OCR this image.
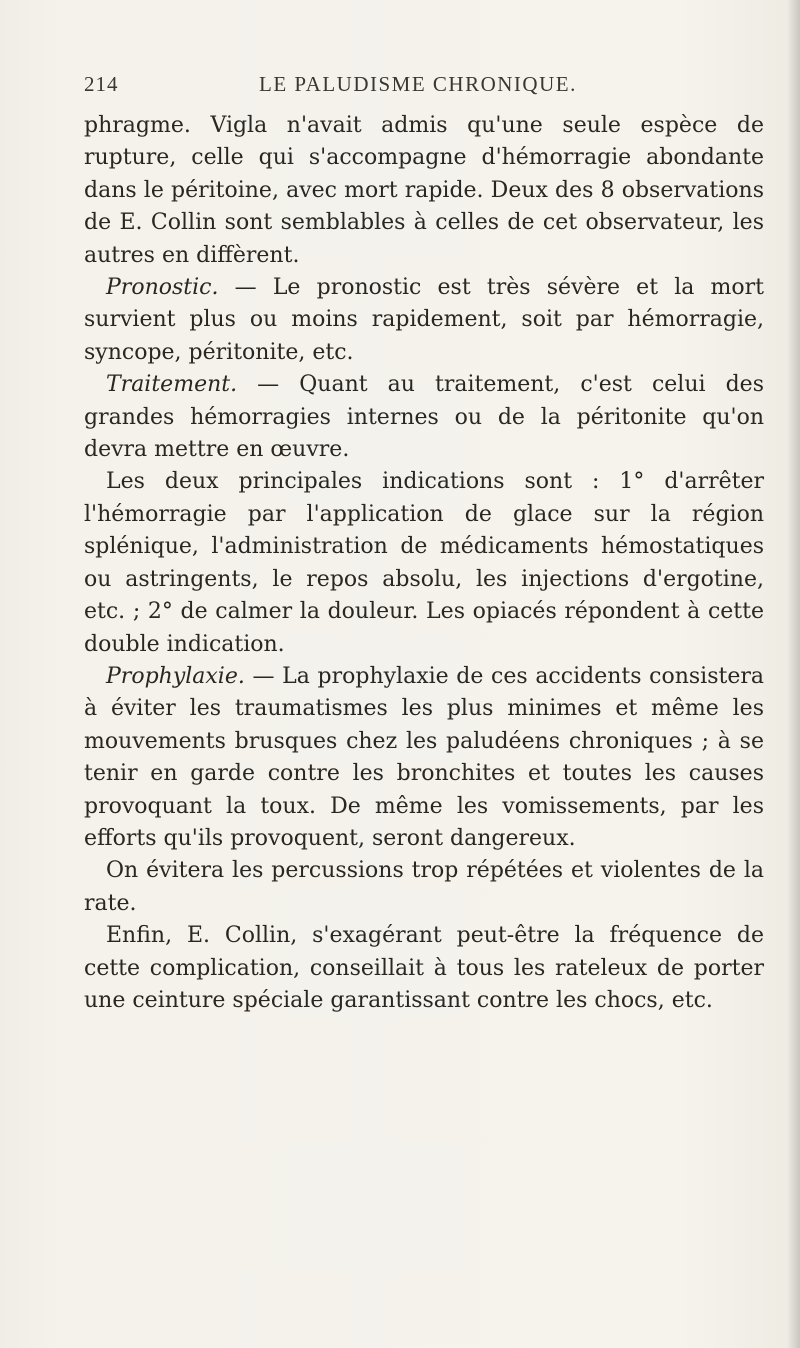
214	LE PALUDISME CHRONIQUE.

phragme. Vigla n'avait admis qu'une seule espèce de rupture, celle qui s'accompagne d'hémorragie abondante dans le péritoine, avec mort rapide. Deux des 8 observations de E. Collin sont semblables à celles de cet observateur, les autres en diffèrent.

Pronostic. — Le pronostic est très sévère et la mort survient plus ou moins rapidement, soit par hémorragie, syncope, péritonite, etc.

Traitement. — Quant au traitement, c'est celui des grandes hémorragies internes ou de la péritonite qu'on devra mettre en œuvre.

Les deux principales indications sont : 1° d'arrêter l'hémorragie par l'application de glace sur la région splénique, l'administration de médicaments hémostatiques ou astringents, le repos absolu, les injections d'ergotine, etc. ; 2° de calmer la douleur. Les opiacés répondent à cette double indication.

Prophylaxie. — La prophylaxie de ces accidents consistera à éviter les traumatismes les plus minimes et même les mouvements brusques chez les paludéens chroniques ; à se tenir en garde contre les bronchites et toutes les causes provoquant la toux. De même les vomissements, par les efforts qu'ils provoquent, seront dangereux.

On évitera les percussions trop répétées et violentes de la rate.

Enfin, E. Collin, s'exagérant peut-être la fréquence de cette complication, conseillait à tous les rateleux de porter une ceinture spéciale garantissant contre les chocs, etc.
